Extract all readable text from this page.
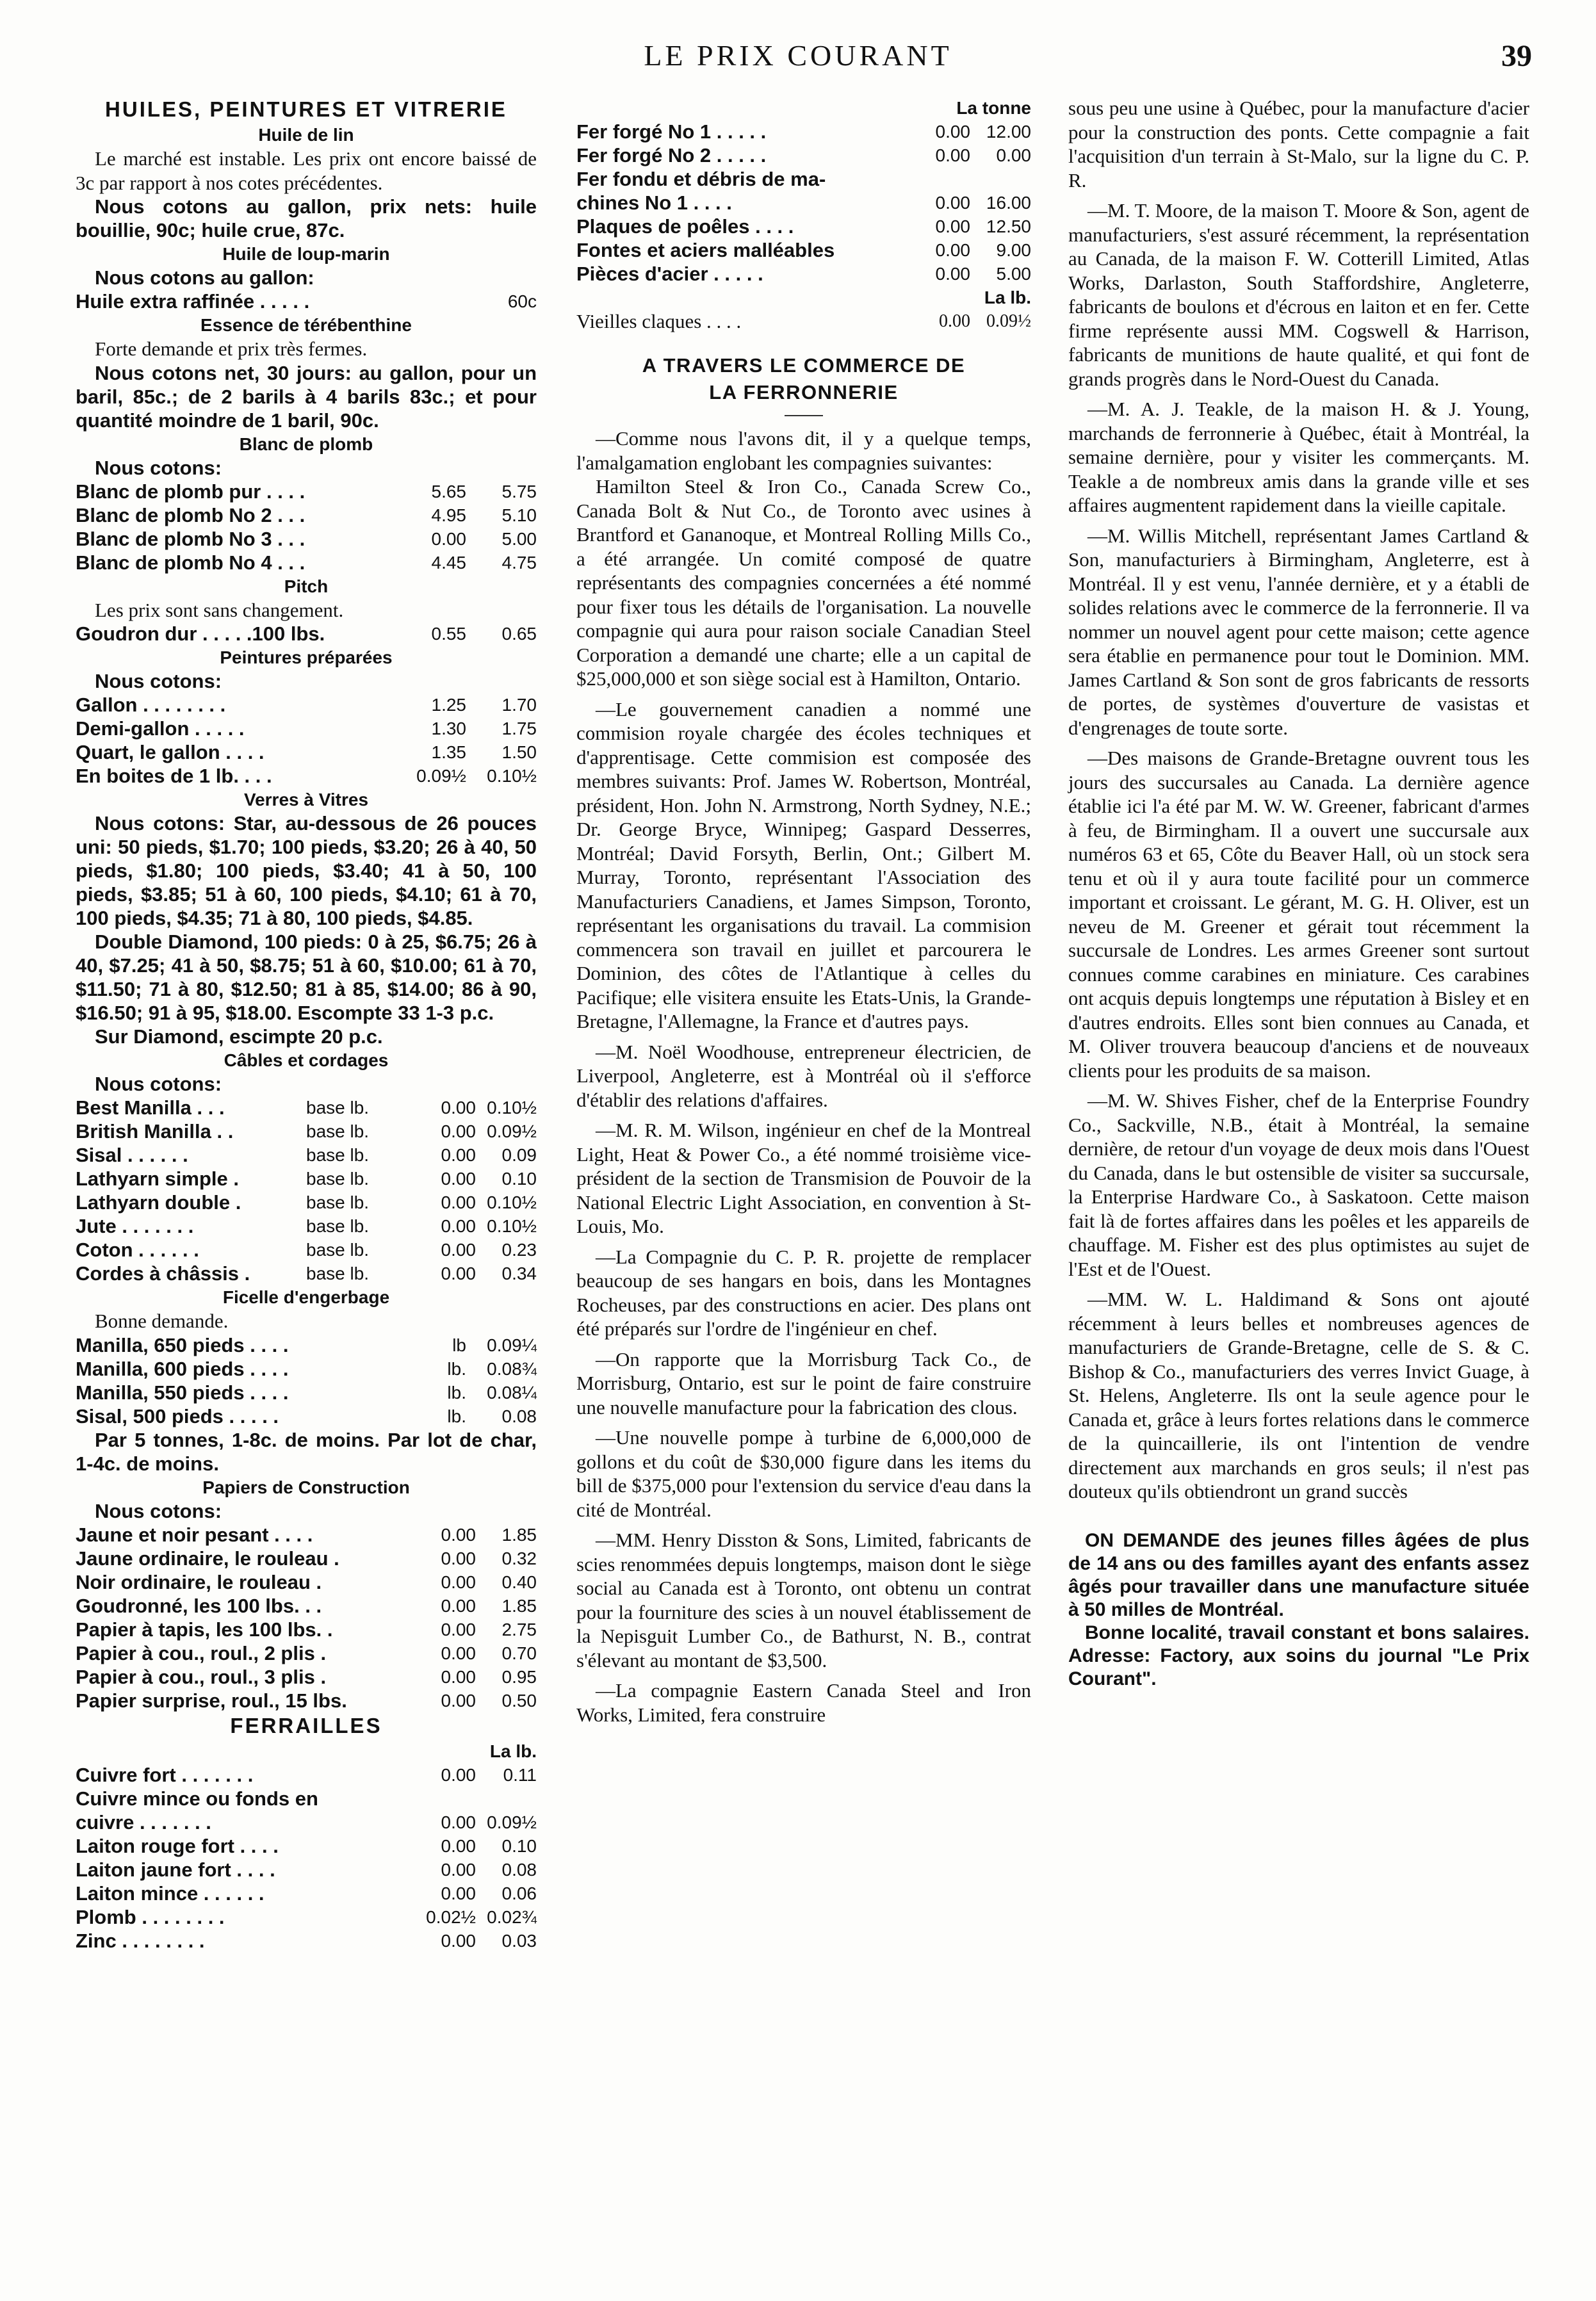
LE PRIX COURANT	39
HUILES, PEINTURES ET VITRERIE
Huile de lin

Le marché est instable. Les prix ont encore baissé de 3c par rapport à nos cotes précédentes.

Nous cotons au gallon, prix nets: huile bouillie, 90c; huile crue, 87c.

Huile de loup-marin

Nous cotons au gallon:

Huile extra raffinée . . . . .	60c
Essence de térébenthine

Forte demande et prix très fermes.

Nous cotons net, 30 jours: au gallon, pour un baril, 85c.; de 2 barils à 4 barils 83c.; et pour quantité moindre de 1 baril, 90c.

Blanc de plomb

Nous cotons:

Blanc de plomb pur . . . .	5.65	5.75
Blanc de plomb No 2 . . .	4.95	5.10
Blanc de plomb No 3 . . .	0.00	5.00
Blanc de plomb No 4 . . .	4.45	4.75
Pitch

Les prix sont sans changement.

Goudron dur . . . . .100 lbs.	0.55	0.65
Peintures préparées

Nous cotons:

Gallon . . . . . . . .	1.25	1.70
Demi-gallon . . . . .	1.30	1.75
Quart, le gallon . . . .	1.35	1.50
En boites de 1 lb. . . .	0.09½	0.10½
Verres à Vitres

Nous cotons: Star, au-dessous de 26 pouces uni: 50 pieds, $1.70; 100 pieds, $3.20; 26 à 40, 50 pieds, $1.80; 100 pieds, $3.40; 41 à 50, 100 pieds, $3.85; 51 à 60, 100 pieds, $4.10; 61 à 70, 100 pieds, $4.35; 71 à 80, 100 pieds, $4.85.

Double Diamond, 100 pieds: 0 à 25, $6.75; 26 à 40, $7.25; 41 à 50, $8.75; 51 à 60, $10.00; 61 à 70, $11.50; 71 à 80, $12.50; 81 à 85, $14.00; 86 à 90, $16.50; 91 à 95, $18.00. Escompte 33 1-3 p.c.

Sur Diamond, escimpte 20 p.c.

Câbles et cordages

Nous cotons:

Best Manilla . . .	base lb.	0.00 0.10½
British Manilla . .	base lb.	0.00 0.09½
Sisal . . . . . .	base lb.	0.00	0.09
Lathyarn simple .	base lb.	0.00	0.10
Lathyarn double .	base lb.	0.00 0.10½
Jute . . . . . . .	base lb.	0.00 0.10½
Coton . . . . . .	base lb.	0.00	0.23
Cordes à châssis .	base lb.	0.00	0.34
Ficelle d'engerbage

Bonne demande.

Manilla, 650 pieds . . . .	lb	0.09¼
Manilla, 600 pieds . . . .	lb.	0.08¾
Manilla, 550 pieds . . . .	lb.	0.08¼
Sisal, 500 pieds . . . . .	lb.	0.08

Par 5 tonnes, 1-8c. de moins. Par lot de char, 1-4c. de moins.

Papiers de Construction

Nous cotons:

Jaune et noir pesant . . . .	0.00	1.85
Jaune ordinaire, le rouleau .	0.00	0.32
Noir ordinaire, le rouleau .	0.00	0.40
Goudronné, les 100 lbs. . .	0.00	1.85
Papier à tapis, les 100 lbs. .	0.00	2.75
Papier à cou., roul., 2 plis .	0.00	0.70
Papier à cou., roul., 3 plis .	0.00	0.95
Papier surprise, roul., 15 lbs.	0.00	0.50
FERRAILLES
La lb.
Cuivre fort . . . . . . .	0.00	0.11
Cuivre mince ou fonds en
cuivre . . . . . . .	0.00 0.09½
Laiton rouge fort . . . .	0.00	0.10
Laiton jaune fort . . . .	0.00	0.08
Laiton mince . . . . . .	0.00	0.06
Plomb . . . . . . . .	0.02½ 0.02¾
Zinc . . . . . . . .	0.00	0.03
La tonne
Fer forgé No 1 . . . . .	0.00 12.00
Fer forgé No 2 . . . . .	0.00	0.00
Fer fondu et débris de ma-
chines No 1 . . . .	0.00 16.00
Plaques de poêles . . . .	0.00 12.50
Fontes et aciers malléables	0.00	9.00
Pièces d'acier . . . . .	0.00	5.00
La lb.
Vieilles claques . . . .	0.00 0.09½
A TRAVERS LE COMMERCE DE
LA FERRONNERIE

—Comme nous l'avons dit, il y a quelque temps, l'amalgamation englobant les compagnies suivantes:

Hamilton Steel & Iron Co., Canada Screw Co., Canada Bolt & Nut Co., de Toronto avec usines à Brantford et Gananoque, et Montreal Rolling Mills Co., a été arrangée. Un comité composé de quatre représentants des compagnies concernées a été nommé pour fixer tous les détails de l'organisation. La nouvelle compagnie qui aura pour raison sociale Canadian Steel Corporation a demandé une charte; elle a un capital de $25,000,000 et son siège social est à Hamilton, Ontario.

—Le gouvernement canadien a nommé une commision royale chargée des écoles techniques et d'apprentisage. Cette commision est composée des membres suivants: Prof. James W. Robertson, Montréal, président, Hon. John N. Armstrong, North Sydney, N.E.; Dr. George Bryce, Winnipeg; Gaspard Desserres, Montréal; David Forsyth, Berlin, Ont.; Gilbert M. Murray, Toronto, représentant l'Association des Manufacturiers Canadiens, et James Simpson, Toronto, représentant les organisations du travail. La commision commencera son travail en juillet et parcourera le Dominion, des côtes de l'Atlantique à celles du Pacifique; elle visitera ensuite les Etats-Unis, la Grande-Bretagne, l'Allemagne, la France et d'autres pays.

—M. Noël Woodhouse, entrepreneur électricien, de Liverpool, Angleterre, est à Montréal où il s'efforce d'établir des relations d'affaires.

—M. R. M. Wilson, ingénieur en chef de la Montreal Light, Heat & Power Co., a été nommé troisième vice-président de la section de Transmision de Pouvoir de la National Electric Light Association, en convention à St-Louis, Mo.

—La Compagnie du C. P. R. projette de remplacer beaucoup de ses hangars en bois, dans les Montagnes Rocheuses, par des constructions en acier. Des plans ont été préparés sur l'ordre de l'ingénieur en chef.

—On rapporte que la Morrisburg Tack Co., de Morrisburg, Ontario, est sur le point de faire construire une nouvelle manufacture pour la fabrication des clous.

—Une nouvelle pompe à turbine de 6,000,000 de gollons et du coût de $30,000 figure dans les items du bill de $375,000 pour l'extension du service d'eau dans la cité de Montréal.

—MM. Henry Disston & Sons, Limited, fabricants de scies renommées depuis longtemps, maison dont le siège social au Canada est à Toronto, ont obtenu un contrat pour la fourniture des scies à un nouvel établissement de la Nepisguit Lumber Co., de Bathurst, N. B., contrat s'élevant au montant de $3,500.

—La compagnie Eastern Canada Steel and Iron Works, Limited, fera construire

sous peu une usine à Québec, pour la manufacture d'acier pour la construction des ponts. Cette compagnie a fait l'acquisition d'un terrain à St-Malo, sur la ligne du C. P. R.

—M. T. Moore, de la maison T. Moore & Son, agent de manufacturiers, s'est assuré récemment, la représentation au Canada, de la maison F. W. Cotterill Limited, Atlas Works, Darlaston, South Staffordshire, Angleterre, fabricants de boulons et d'écrous en laiton et en fer. Cette firme représente aussi MM. Cogswell & Harrison, fabricants de munitions de haute qualité, et qui font de grands progrès dans le Nord-Ouest du Canada.

—M. A. J. Teakle, de la maison H. & J. Young, marchands de ferronnerie à Québec, était à Montréal, la semaine dernière, pour y visiter les commerçants. M. Teakle a de nombreux amis dans la grande ville et ses affaires augmentent rapidement dans la vieille capitale.

—M. Willis Mitchell, représentant James Cartland & Son, manufacturiers à Birmingham, Angleterre, est à Montréal. Il y est venu, l'année dernière, et y a établi de solides relations avec le commerce de la ferronnerie. Il va nommer un nouvel agent pour cette maison; cette agence sera établie en permanence pour tout le Dominion. MM. James Cartland & Son sont de gros fabricants de ressorts de portes, de systèmes d'ouverture de vasistas et d'engrenages de toute sorte.

—Des maisons de Grande-Bretagne ouvrent tous les jours des succursales au Canada. La dernière agence établie ici l'a été par M. W. W. Greener, fabricant d'armes à feu, de Birmingham. Il a ouvert une succursale aux numéros 63 et 65, Côte du Beaver Hall, où un stock sera tenu et où il y aura toute facilité pour un commerce important et croissant. Le gérant, M. G. H. Oliver, est un neveu de M. Greener et gérait tout récemment la succursale de Londres. Les armes Greener sont surtout connues comme carabines en miniature. Ces carabines ont acquis depuis longtemps une réputation à Bisley et en d'autres endroits. Elles sont bien connues au Canada, et M. Oliver trouvera beaucoup d'anciens et de nouveaux clients pour les produits de sa maison.

—M. W. Shives Fisher, chef de la Enterprise Foundry Co., Sackville, N.B., était à Montréal, la semaine dernière, de retour d'un voyage de deux mois dans l'Ouest du Canada, dans le but ostensible de visiter sa succursale, la Enterprise Hardware Co., à Saskatoon. Cette maison fait là de fortes affaires dans les poêles et les appareils de chauffage. M. Fisher est des plus optimistes au sujet de l'Est et de l'Ouest.

—MM. W. L. Haldimand & Sons ont ajouté récemment à leurs belles et nombreuses agences de manufacturiers de Grande-Bretagne, celle de S. & C. Bishop & Co., manufacturiers des verres Invict Guage, à St. Helens, Angleterre. Ils ont la seule agence pour le Canada et, grâce à leurs fortes relations dans le commerce de la quincaillerie, ils ont l'intention de vendre directement aux marchands en gros seuls; il n'est pas douteux qu'ils obtiendront un grand succès

ON DEMANDE des jeunes filles âgées de plus de 14 ans ou des familles ayant des enfants assez âgés pour travailler dans une manufacture située à 50 milles de Montréal.

Bonne localité, travail constant et bons salaires. Adresse: Factory, aux soins du journal "Le Prix Courant".
